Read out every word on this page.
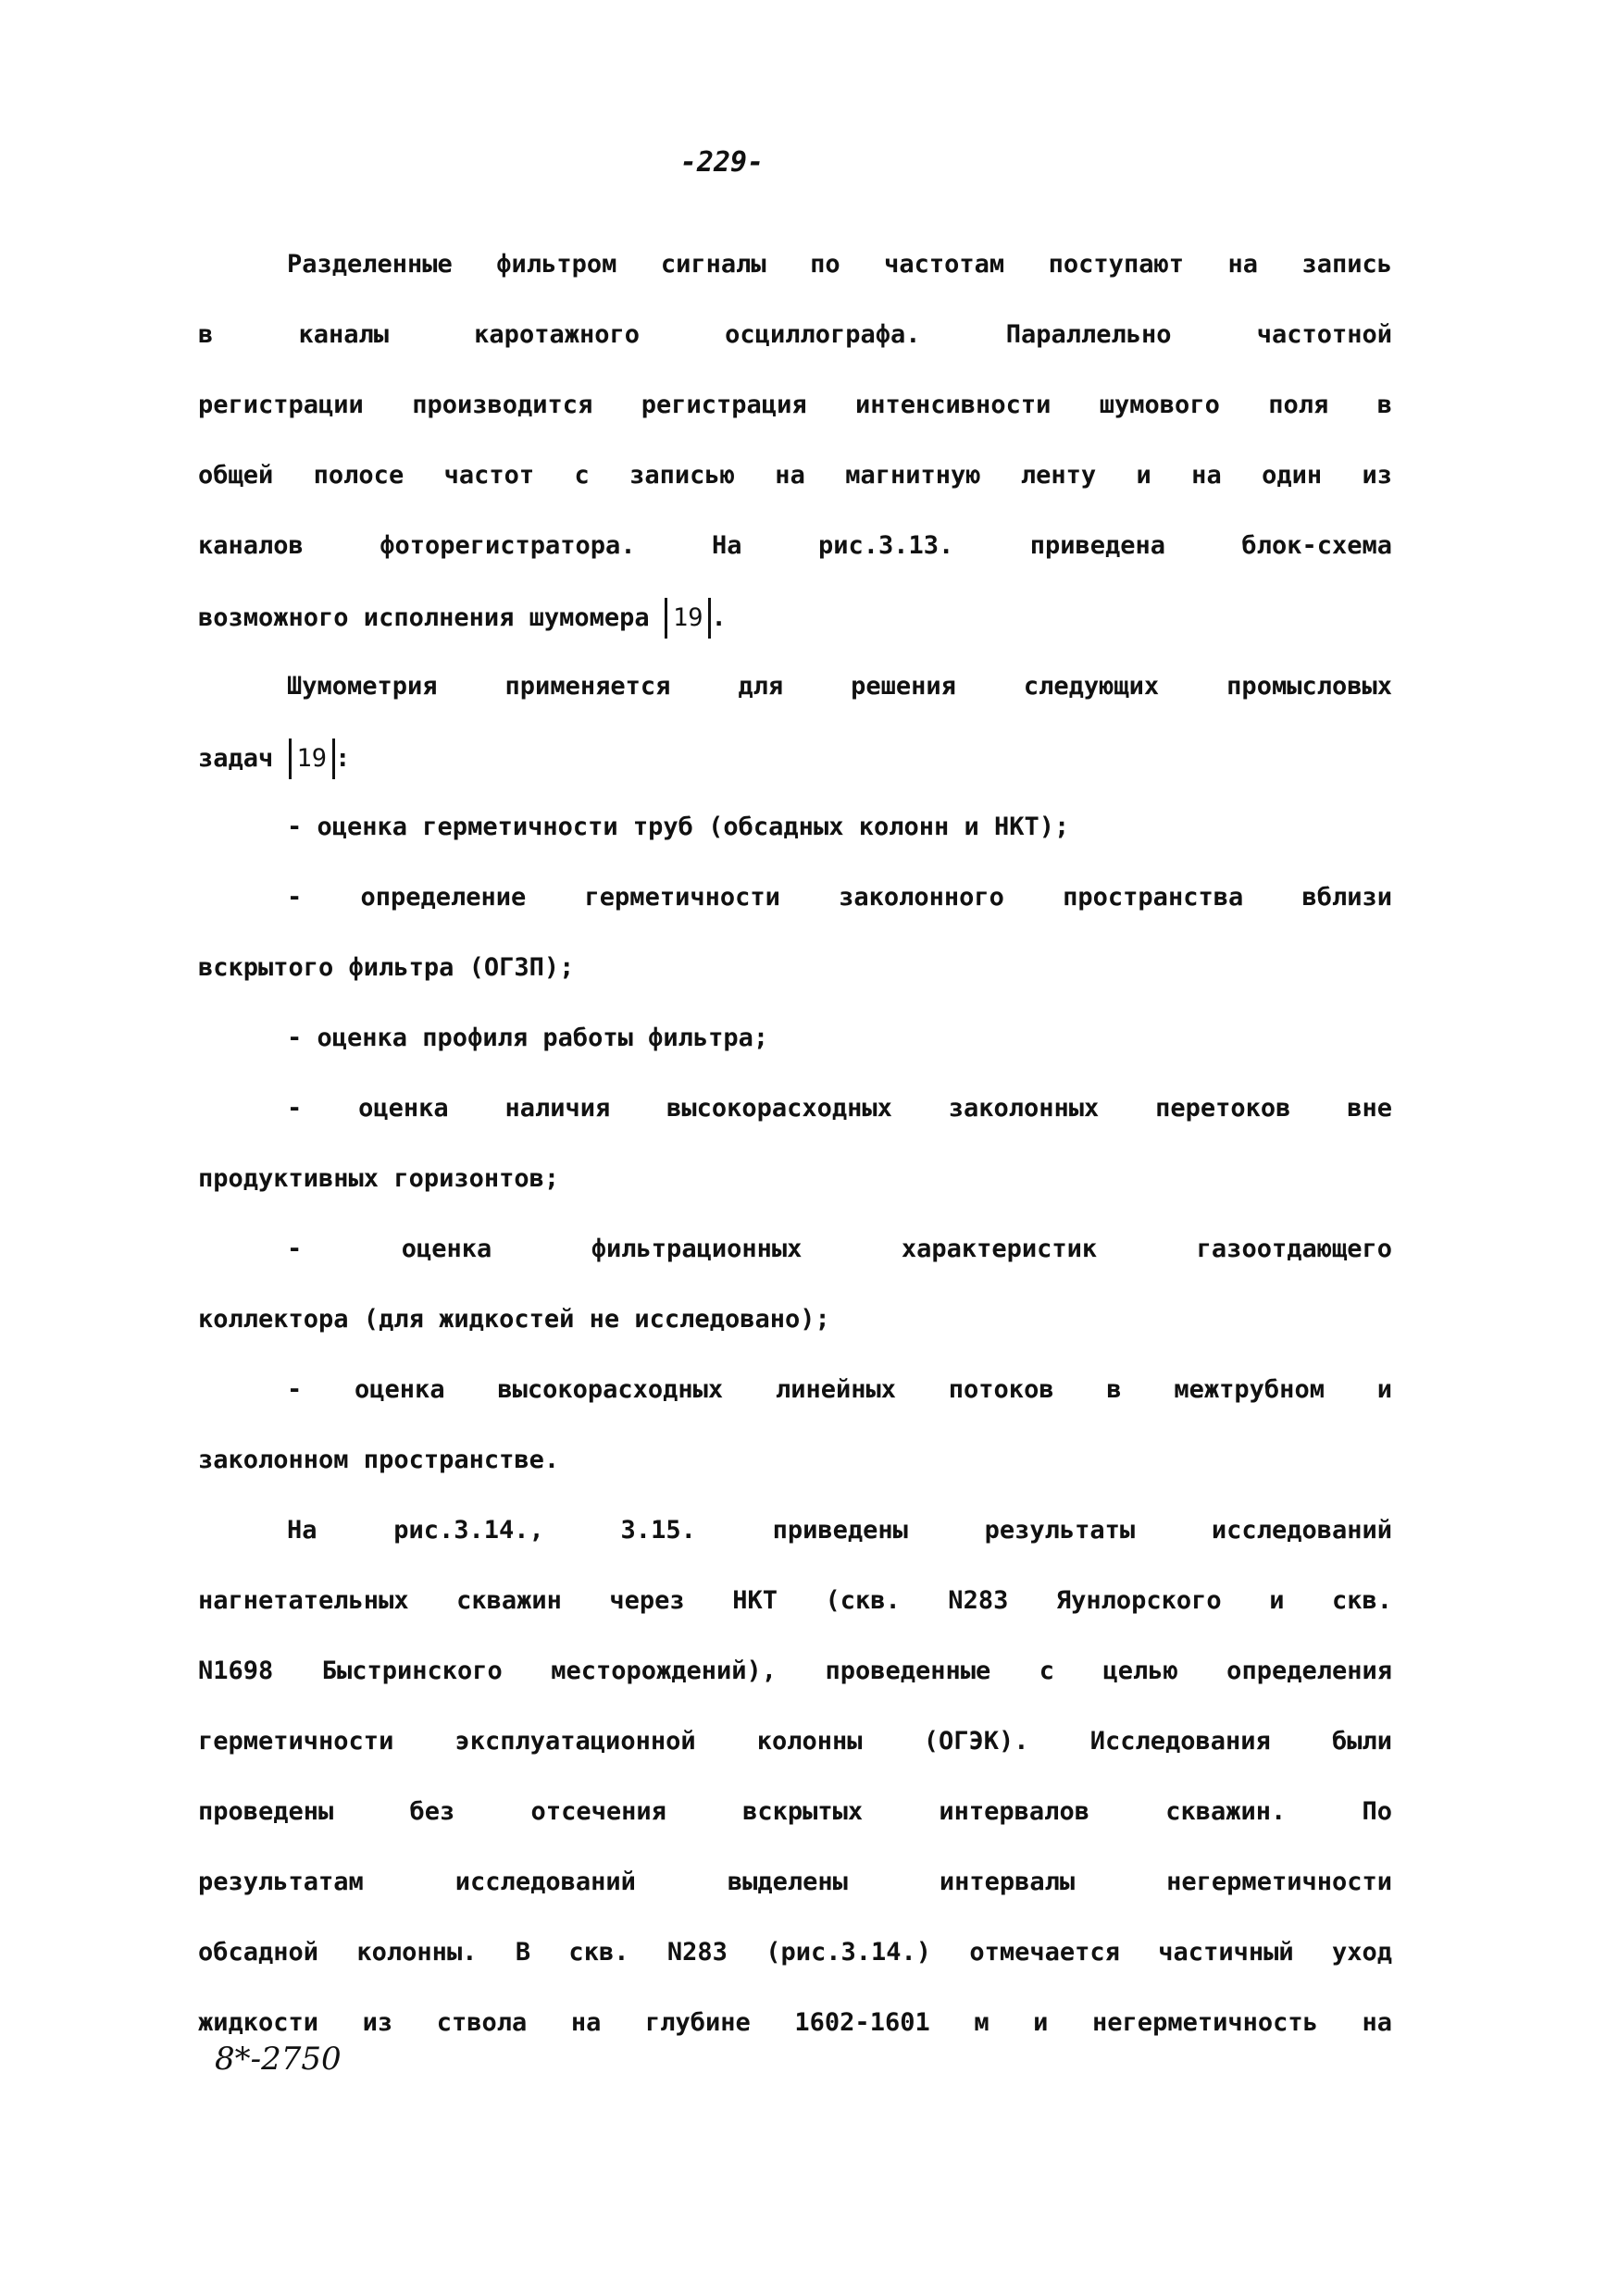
-229-
Разделенные фильтром сигналы по частотам поступают на запись
в каналы каротажного осциллографа. Параллельно частотной
регистрации производится регистрация интенсивности шумового поля в
общей полосе частот с записью на магнитную ленту и на один из
каналов фоторегистратора. На рис.3.13. приведена блок-схема
возможного исполнения шумомера 19 .
Шумометрия применяется для решения следующих промысловых
задач 19 :
- оценка герметичности труб (обсадных колонн и НКТ);
- определение герметичности заколонного пространства вблизи
вскрытого фильтра (ОГЗП);
- оценка профиля работы фильтра;
- оценка наличия высокорасходных заколонных перетоков вне
продуктивных горизонтов;
- оценка фильтрационных характеристик газоотдающего
коллектора (для жидкостей не исследовано);
- оценка высокорасходных линейных потоков в межтрубном и
заколонном пространстве.
На рис.3.14., 3.15. приведены результаты исследований
нагнетательных скважин через НКТ (скв. N283 Яунлорского и скв.
N1698 Быстринского месторождений), проведенные с целью определения
герметичности эксплуатационной колонны (ОГЭК). Исследования были
проведены без отсечения вскрытых интервалов скважин. По
результатам исследований выделены интервалы негерметичности
обсадной колонны. В скв. N283 (рис.3.14.) отмечается частичный уход
жидкости из ствола на глубине 1602-1601 м и негерметичность на
8*-2750
